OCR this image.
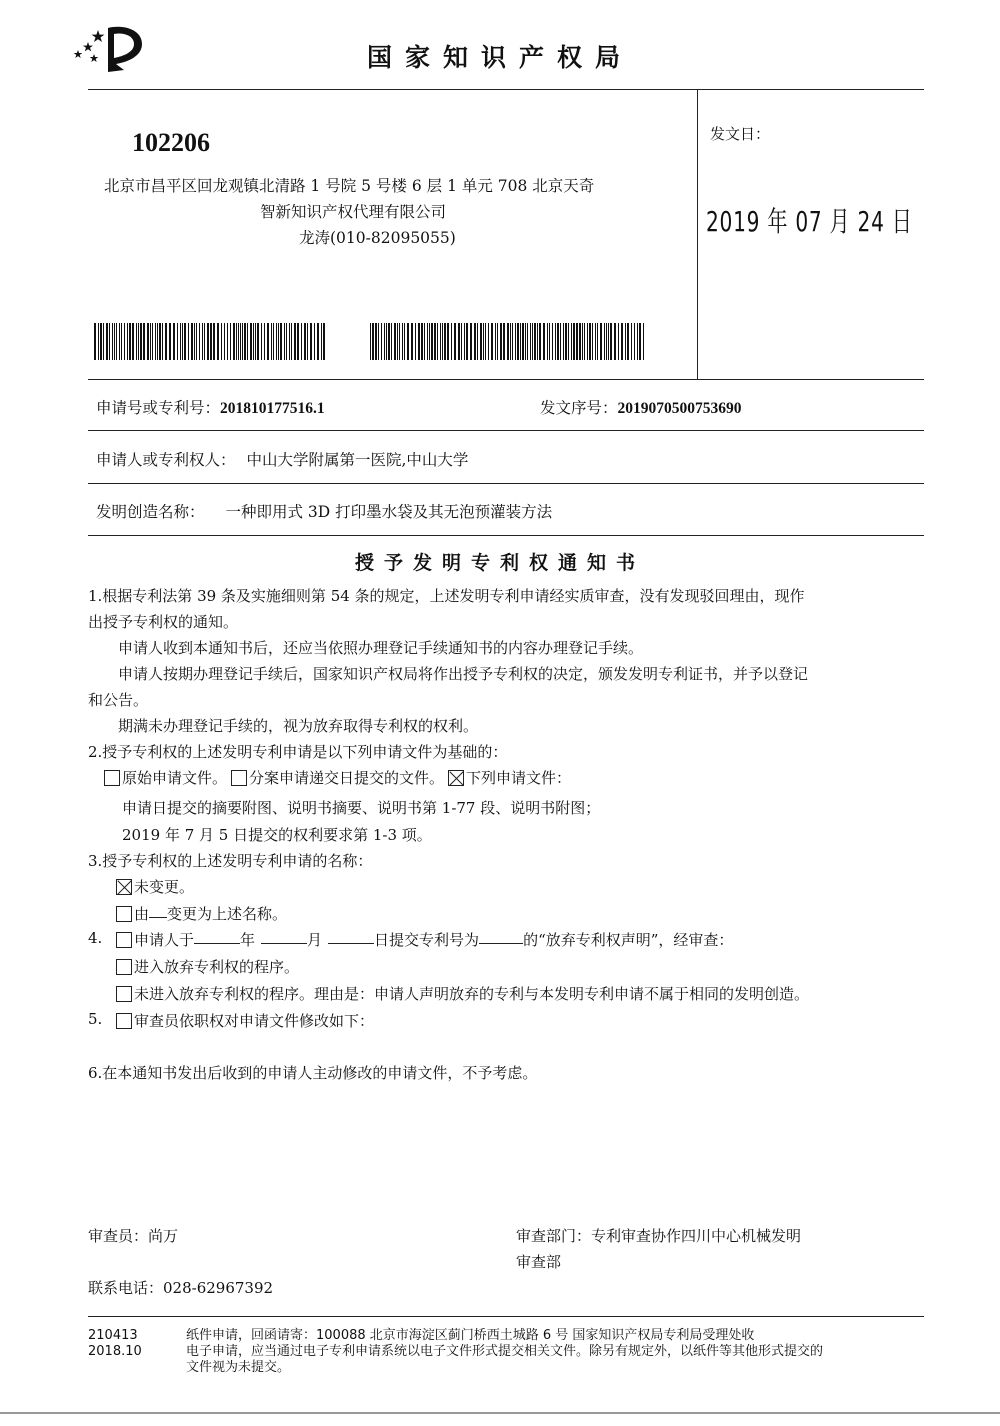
国家知识产权局
102206
北京市昌平区回龙观镇北清路 1 号院 5 号楼 6 层 1 单元 708 北京天奇
智新知识产权代理有限公司
龙涛(010-82095055)
发文日：
2019 年 07 月 24 日
申请号或专利号：201810177516.1	发文序号：2019070500753690
申请人或专利权人： 中山大学附属第一医院,中山大学
发明创造名称： 一种即用式 3D 打印墨水袋及其无泡预灌装方法
授予发明专利权通知书
1.根据专利法第 39 条及实施细则第 54 条的规定，上述发明专利申请经实质审查，没有发现驳回理由，现作
出授予专利权的通知。
申请人收到本通知书后，还应当依照办理登记手续通知书的内容办理登记手续。
申请人按期办理登记手续后，国家知识产权局将作出授予专利权的决定，颁发发明专利证书，并予以登记
和公告。
期满未办理登记手续的，视为放弃取得专利权的权利。
2.授予专利权的上述发明专利申请是以下列申请文件为基础的：
原始申请文件。 分案申请递交日提交的文件。 下列申请文件：
申请日提交的摘要附图、说明书摘要、说明书第 1-77 段、说明书附图；
2019 年 7 月 5 日提交的权利要求第 1-3 项。
3.授予专利权的上述发明专利申请的名称：
未变更。
由 变更为上述名称。
4.	申请人于	年	月	日提交专利号为	的“放弃专利权声明”，经审查：
进入放弃专利权的程序。
未进入放弃专利权的程序。理由是：申请人声明放弃的专利与本发明专利申请不属于相同的发明创造。
5.	审查员依职权对申请文件修改如下：
6.在本通知书发出后收到的申请人主动修改的申请文件，不予考虑。
审查员：尚万	审查部门：专利审查协作四川中心机械发明
审查部
联系电话：028-62967392
210413
2018.10
纸件申请，回函请寄：100088 北京市海淀区蓟门桥西土城路 6 号 国家知识产权局专利局受理处收
电子申请，应当通过电子专利申请系统以电子文件形式提交相关文件。除另有规定外，以纸件等其他形式提交的
文件视为未提交。
